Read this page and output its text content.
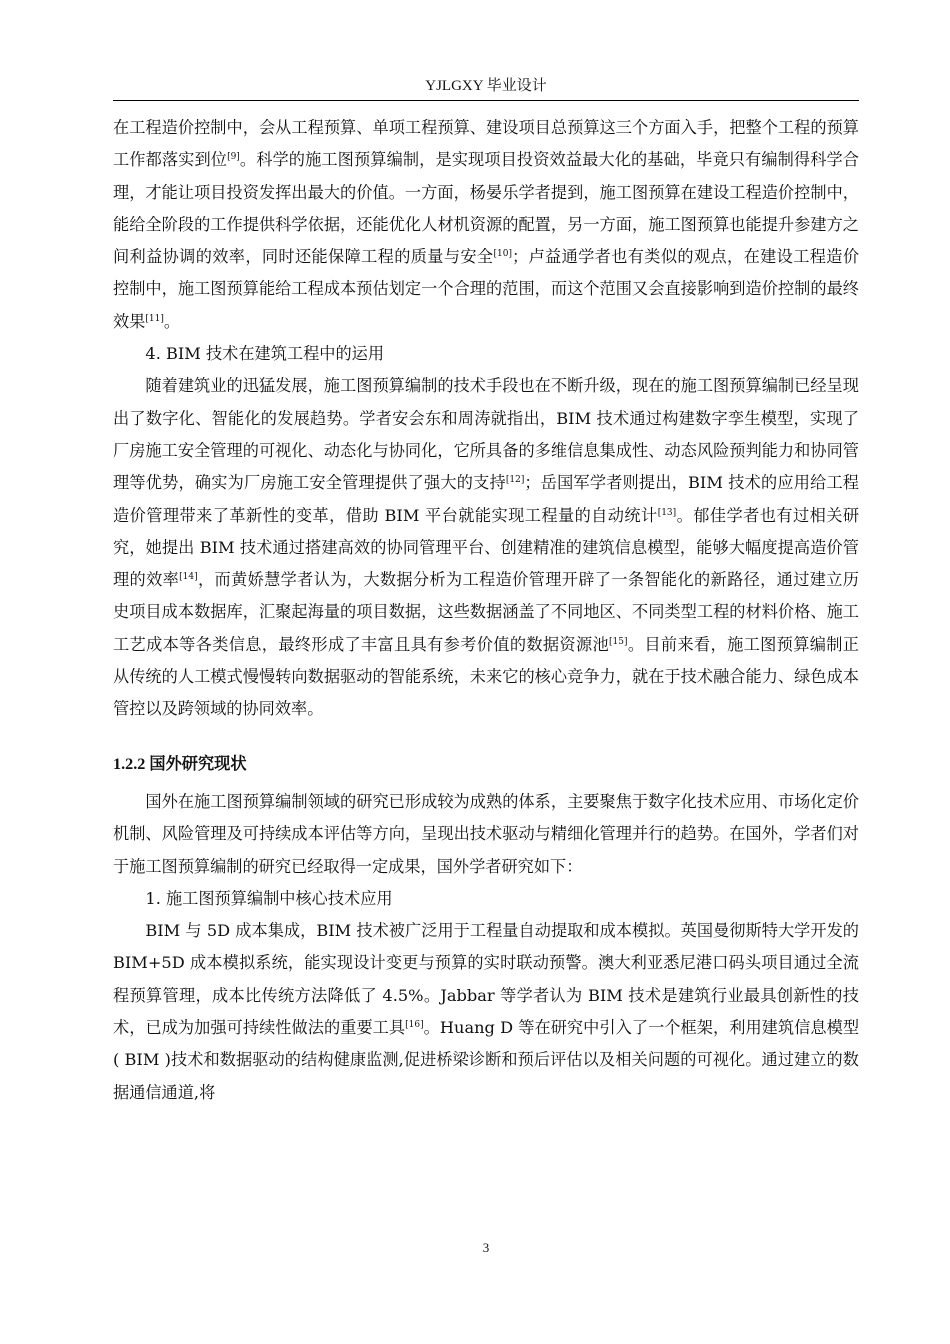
YJLGXY 毕业设计

在工程造价控制中，会从工程预算、单项工程预算、建设项目总预算这三个方面入手，把整个工程的预算工作都落实到位[9]。科学的施工图预算编制，是实现项目投资效益最大化的基础，毕竟只有编制得科学合理，才能让项目投资发挥出最大的价值。一方面，杨晏乐学者提到，施工图预算在建设工程造价控制中，能给全阶段的工作提供科学依据，还能优化人材机资源的配置，另一方面，施工图预算也能提升参建方之间利益协调的效率，同时还能保障工程的质量与安全[10]；卢益通学者也有类似的观点，在建设工程造价控制中，施工图预算能给工程成本预估划定一个合理的范围，而这个范围又会直接影响到造价控制的最终效果[11]。

4. BIM 技术在建筑工程中的运用

随着建筑业的迅猛发展，施工图预算编制的技术手段也在不断升级，现在的施工图预算编制已经呈现出了数字化、智能化的发展趋势。学者安会东和周涛就指出，BIM 技术通过构建数字孪生模型，实现了厂房施工安全管理的可视化、动态化与协同化，它所具备的多维信息集成性、动态风险预判能力和协同管理等优势，确实为厂房施工安全管理提供了强大的支持[12]；岳国军学者则提出，BIM 技术的应用给工程造价管理带来了革新性的变革，借助 BIM 平台就能实现工程量的自动统计[13]。郁佳学者也有过相关研究，她提出 BIM 技术通过搭建高效的协同管理平台、创建精准的建筑信息模型，能够大幅度提高造价管理的效率[14]，而黄娇慧学者认为，大数据分析为工程造价管理开辟了一条智能化的新路径，通过建立历史项目成本数据库，汇聚起海量的项目数据，这些数据涵盖了不同地区、不同类型工程的材料价格、施工工艺成本等各类信息，最终形成了丰富且具有参考价值的数据资源池[15]。目前来看，施工图预算编制正从传统的人工模式慢慢转向数据驱动的智能系统，未来它的核心竞争力，就在于技术融合能力、绿色成本管控以及跨领域的协同效率。

1.2.2 国外研究现状

国外在施工图预算编制领域的研究已形成较为成熟的体系，主要聚焦于数字化技术应用、市场化定价机制、风险管理及可持续成本评估等方向，呈现出技术驱动与精细化管理并行的趋势。在国外，学者们对于施工图预算编制的研究已经取得一定成果，国外学者研究如下：

1. 施工图预算编制中核心技术应用

BIM 与 5D 成本集成，BIM 技术被广泛用于工程量自动提取和成本模拟。英国曼彻斯特大学开发的 BIM+5D 成本模拟系统，能实现设计变更与预算的实时联动预警。澳大利亚悉尼港口码头项目通过全流程预算管理，成本比传统方法降低了 4.5%。Jabbar 等学者认为 BIM 技术是建筑行业最具创新性的技术，已成为加强可持续性做法的重要工具[16]。Huang D 等在研究中引入了一个框架，利用建筑信息模型( BIM )技术和数据驱动的结构健康监测,促进桥梁诊断和预后评估以及相关问题的可视化。通过建立的数据通信通道,将

3
